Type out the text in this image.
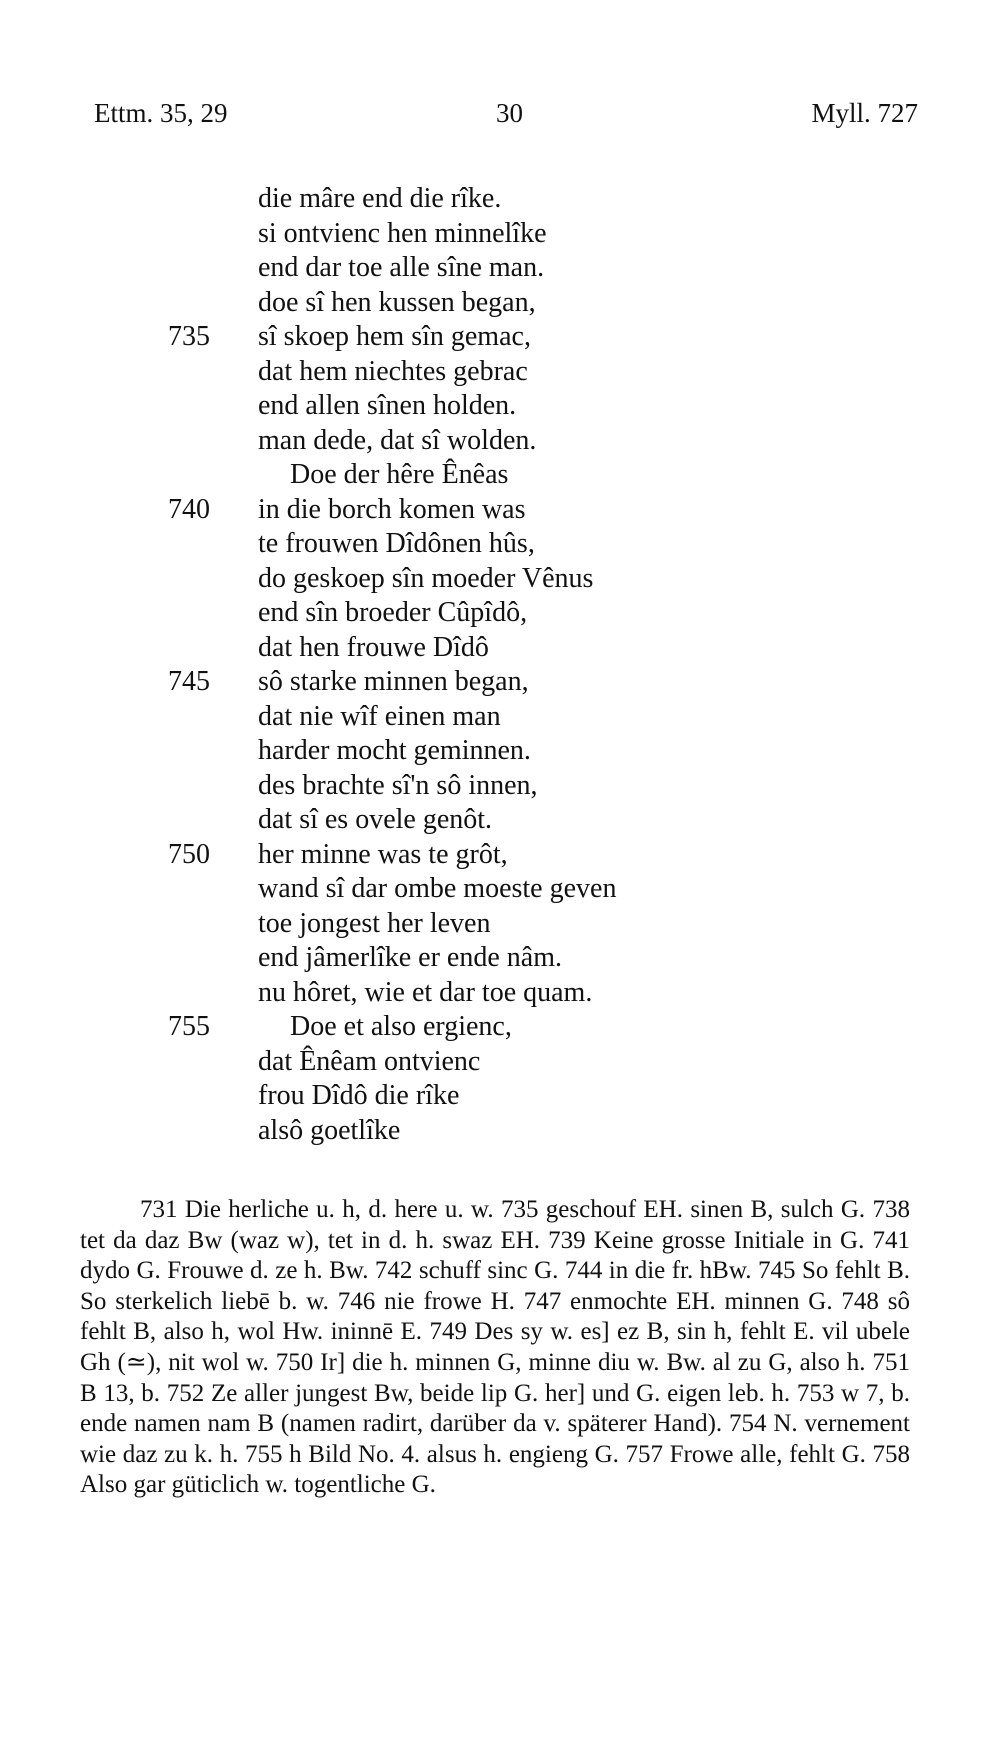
Ettm. 35, 29	30	Myll. 727
die mâre end die rîke.
si ontvienc hen minnelîke
end dar toe alle sîne man.
doe sî hen kussen began,
735 sî skoep hem sîn gemac,
dat hem niechtes gebrac
end allen sînen holden.
man dede, dat sî wolden.
Doe der hêre Ênêas
740 in die borch komen was
te frouwen Dîdônen hûs,
do geskoep sîn moeder Vênus
end sîn broeder Cûpîdô,
dat hen frouwe Dîdô
745 sô starke minnen began,
dat nie wîf einen man
harder mocht geminnen.
des brachte sî'n sô innen,
dat sî es ovele genôt.
750 her minne was te grôt,
wand sî dar ombe moeste geven
toe jongest her leven
end jâmerlîke er ende nâm.
nu hôret, wie et dar toe quam.
755	Doe et also ergienc,
dat Ênêam ontvienc
frou Dîdô die rîke
alsô goetlîke

731 Die herliche u. h, d. here u. w. 735 geschouf EH. sinen B, sulch G. 738 tet da daz Bw (waz w), tet in d. h. swaz EH. 739 Keine grosse Initiale in G. 741 dydo G. Frouwe d. ze h. Bw. 742 schuff sinc G. 744 in die fr. hBw. 745 So fehlt B. So sterkelich liebē b. w. 746 nie frowe H. 747 enmochte EH. minnen G. 748 sô fehlt B, also h, wol Hw. ininnē E. 749 Des sy w. es] ez B, sin h, fehlt E. vil ubele Gh (≃), nit wol w. 750 Ir] die h. minnen G, minne diu w. Bw. al zu G, also h. 751 B 13, b. 752 Ze aller jungest Bw, beide lip G. her] und G. eigen leb. h. 753 w 7, b. ende namen nam B (namen radirt, darüber da v. späterer Hand). 754 N. vernement wie daz zu k. h. 755 h Bild No. 4. alsus h. engieng G. 757 Frowe alle, fehlt G. 758 Also gar güticlich w. togentliche G.
